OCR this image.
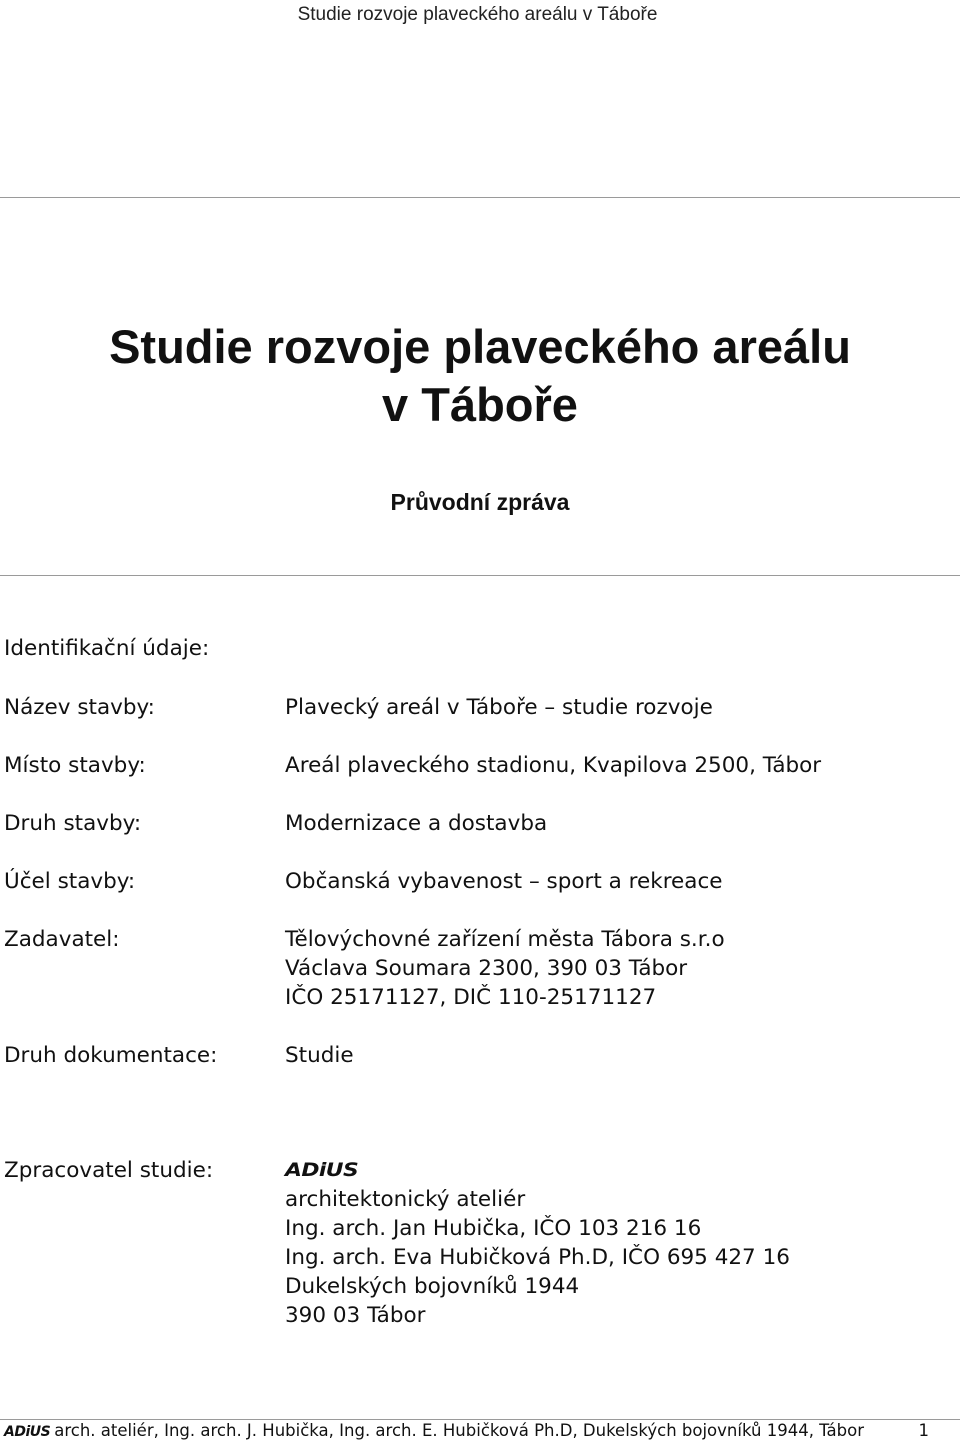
Studie rozvoje plaveckého areálu v Táboře
Studie rozvoje plaveckého areálu
v Táboře
Průvodní zpráva
Identifikační údaje:
Název stavby:	Plavecký areál v Táboře – studie rozvoje
Místo stavby:	Areál plaveckého stadionu, Kvapilova 2500, Tábor
Druh stavby:	Modernizace a dostavba
Účel stavby:	Občanská vybavenost – sport a rekreace
Zadavatel:	Tělovýchovné zařízení města Tábora s.r.o
Václava Soumara 2300, 390 03 Tábor
IČO 25171127, DIČ 110-25171127
Druh dokumentace:	Studie
Zpracovatel studie:	ADiUS
architektonický ateliér
Ing. arch. Jan Hubička, IČO 103 216 16
Ing. arch. Eva Hubičková Ph.D, IČO 695 427 16
Dukelských bojovníků 1944
390 03 Tábor
ADiUS arch. ateliér, Ing. arch. J. Hubička, Ing. arch. E. Hubičková Ph.D, Dukelských bojovníků 1944, Tábor	1
